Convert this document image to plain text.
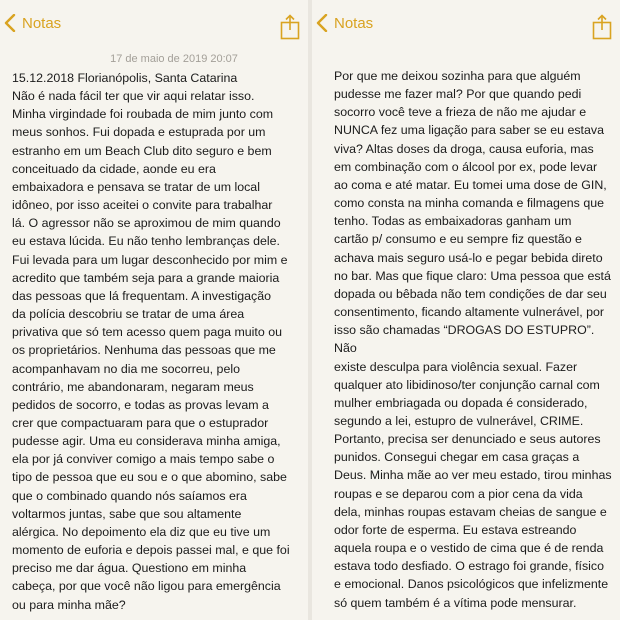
Notas
17 de maio de 2019 20:07
15.12.2018 Florianópolis, Santa Catarina
Não é nada fácil ter que vir aqui relatar isso.
Minha virgindade foi roubada de mim junto com
meus sonhos. Fui dopada e estuprada por um
estranho em um Beach Club dito seguro e bem
conceituado da cidade, aonde eu era
embaixadora e pensava se tratar de um local
idôneo, por isso aceitei o convite para trabalhar
lá. O agressor não se aproximou de mim quando
eu estava lúcida. Eu não tenho lembranças dele.
Fui levada para um lugar desconhecido por mim e
acredito que também seja para a grande maioria
das pessoas que lá frequentam. A investigação
da polícia descobriu se tratar de uma área
privativa que só tem acesso quem paga muito ou
os proprietários. Nenhuma das pessoas que me
acompanhavam no dia me socorreu, pelo
contrário, me abandonaram, negaram meus
pedidos de socorro, e todas as provas levam a
crer que compactuaram para que o estuprador
pudesse agir. Uma eu considerava minha amiga,
ela por já conviver comigo a mais tempo sabe o
tipo de pessoa que eu sou e o que abomino, sabe
que o combinado quando nós saíamos era
voltarmos juntas, sabe que sou altamente
alérgica. No depoimento ela diz que eu tive um
momento de euforia e depois passei mal, e que foi
preciso me dar água. Questiono em minha
cabeça, por que você não ligou para emergência
ou para minha mãe?
Notas
Por que me deixou sozinha para que alguém
pudesse me fazer mal? Por que quando pedi
socorro você teve a frieza de não me ajudar e
NUNCA fez uma ligação para saber se eu estava
viva? Altas doses da droga, causa euforia, mas
em combinação com o álcool por ex, pode levar
ao coma e até matar. Eu tomei uma dose de GIN,
como consta na minha comanda e filmagens que
tenho. Todas as embaixadoras ganham um
cartão p/ consumo e eu sempre fiz questão e
achava mais seguro usá-lo e pegar bebida direto
no bar. Mas que fique claro: Uma pessoa que está
dopada ou bêbada não tem condições de dar seu
consentimento, ficando altamente vulnerável, por
isso são chamadas “DROGAS DO ESTUPRO”. Não
existe desculpa para violência sexual. Fazer
qualquer ato libidinoso/ter conjunção carnal com
mulher embriagada ou dopada é considerado,
segundo a lei, estupro de vulnerável, CRIME.
Portanto, precisa ser denunciado e seus autores
punidos. Consegui chegar em casa graças a
Deus. Minha mãe ao ver meu estado, tirou minhas
roupas e se deparou com a pior cena da vida
dela, minhas roupas estavam cheias de sangue e
odor forte de esperma. Eu estava estreando
aquela roupa e o vestido de cima que é de renda
estava todo desfiado. O estrago foi grande, físico
e emocional. Danos psicológicos que infelizmente
só quem também é a vítima pode mensurar.
